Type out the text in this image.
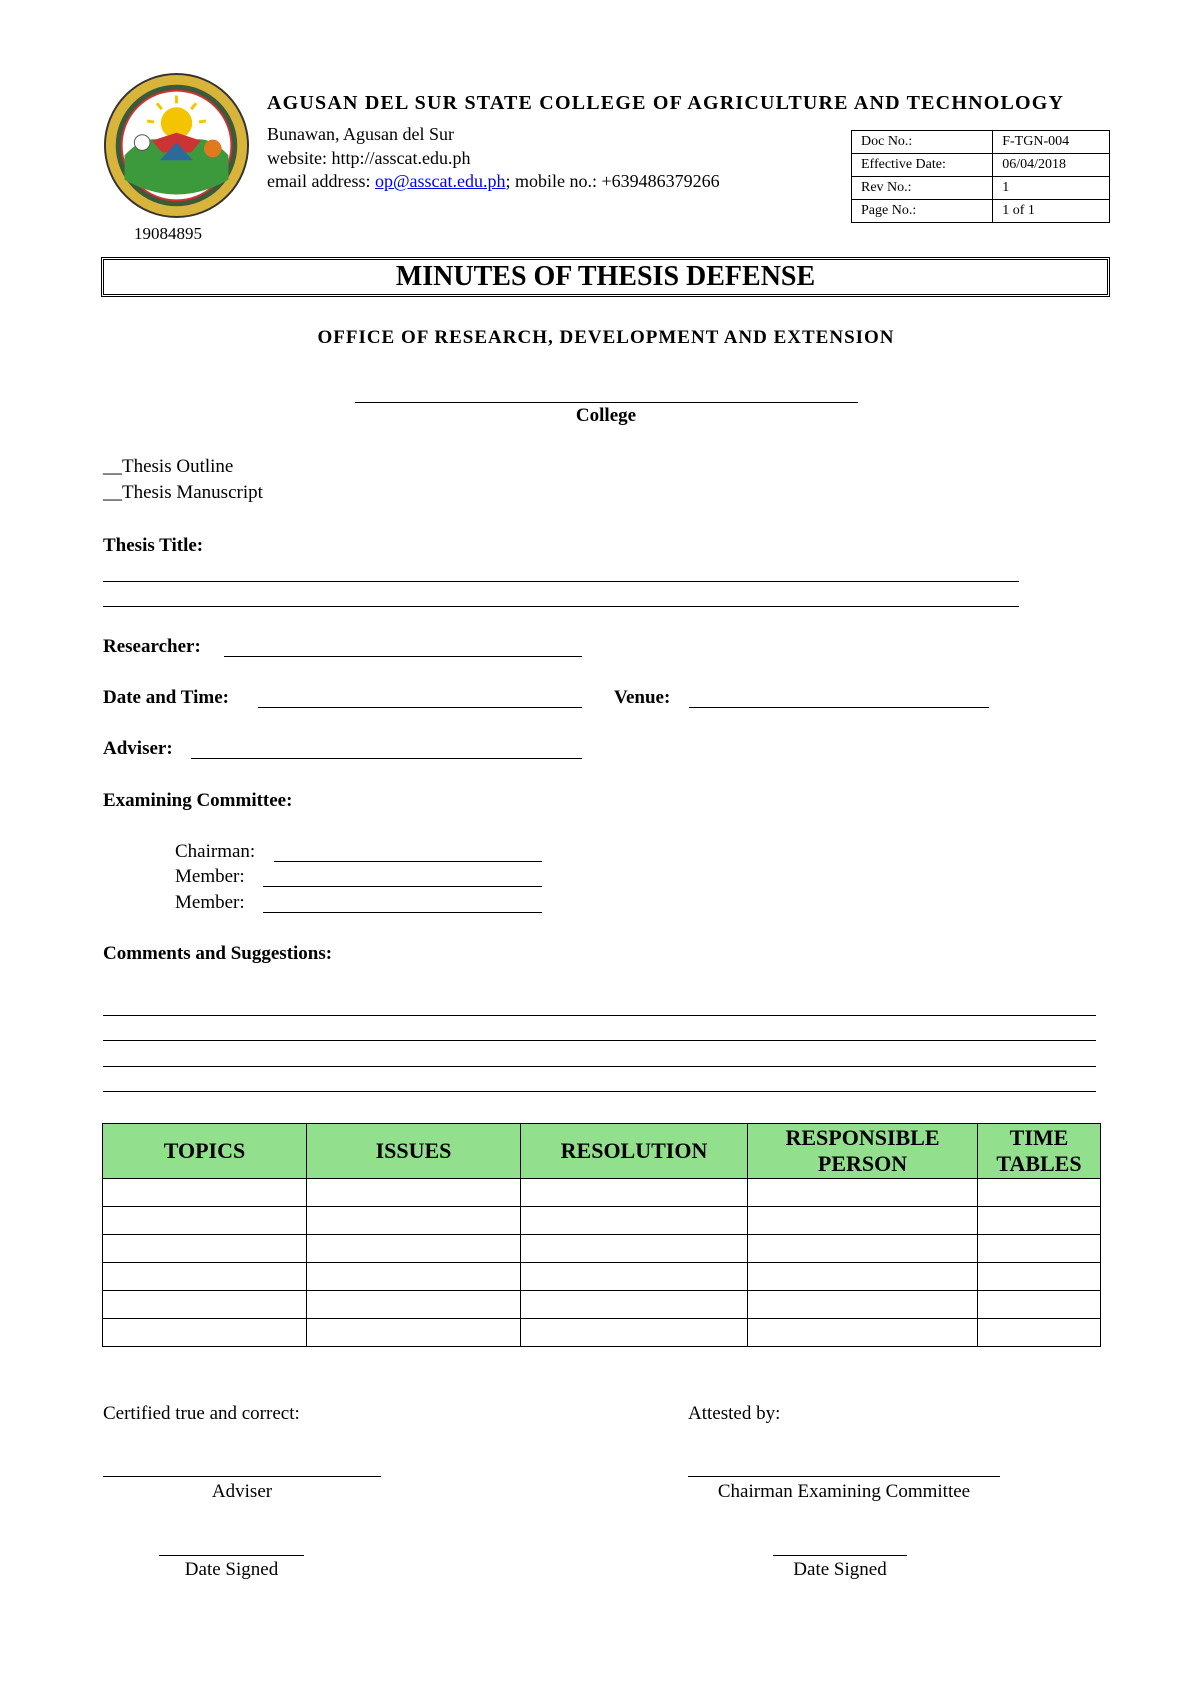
19084895
AGUSAN DEL SUR STATE COLLEGE OF AGRICULTURE AND TECHNOLOGY
Bunawan, Agusan del Sur
website: http://asscat.edu.ph
email address: op@asscat.edu.ph; mobile no.: +639486379266
Doc No.:	F-TGN-004
Effective Date:	06/04/2018
Rev No.:	1
Page No.:	1 of 1
MINUTES OF THESIS DEFENSE
OFFICE OF RESEARCH, DEVELOPMENT AND EXTENSION
College
__Thesis Outline
__Thesis Manuscript
Thesis Title:
Researcher:
Date and Time:	Venue:
Adviser:
Examining Committee:
Chairman:
Member:
Member:
Comments and Suggestions:
TOPICS	ISSUES	RESOLUTION	RESPONSIBLE PERSON	TIME TABLES

Certified true and correct:	Attested by:
Adviser	Chairman Examining Committee
Date Signed	Date Signed
